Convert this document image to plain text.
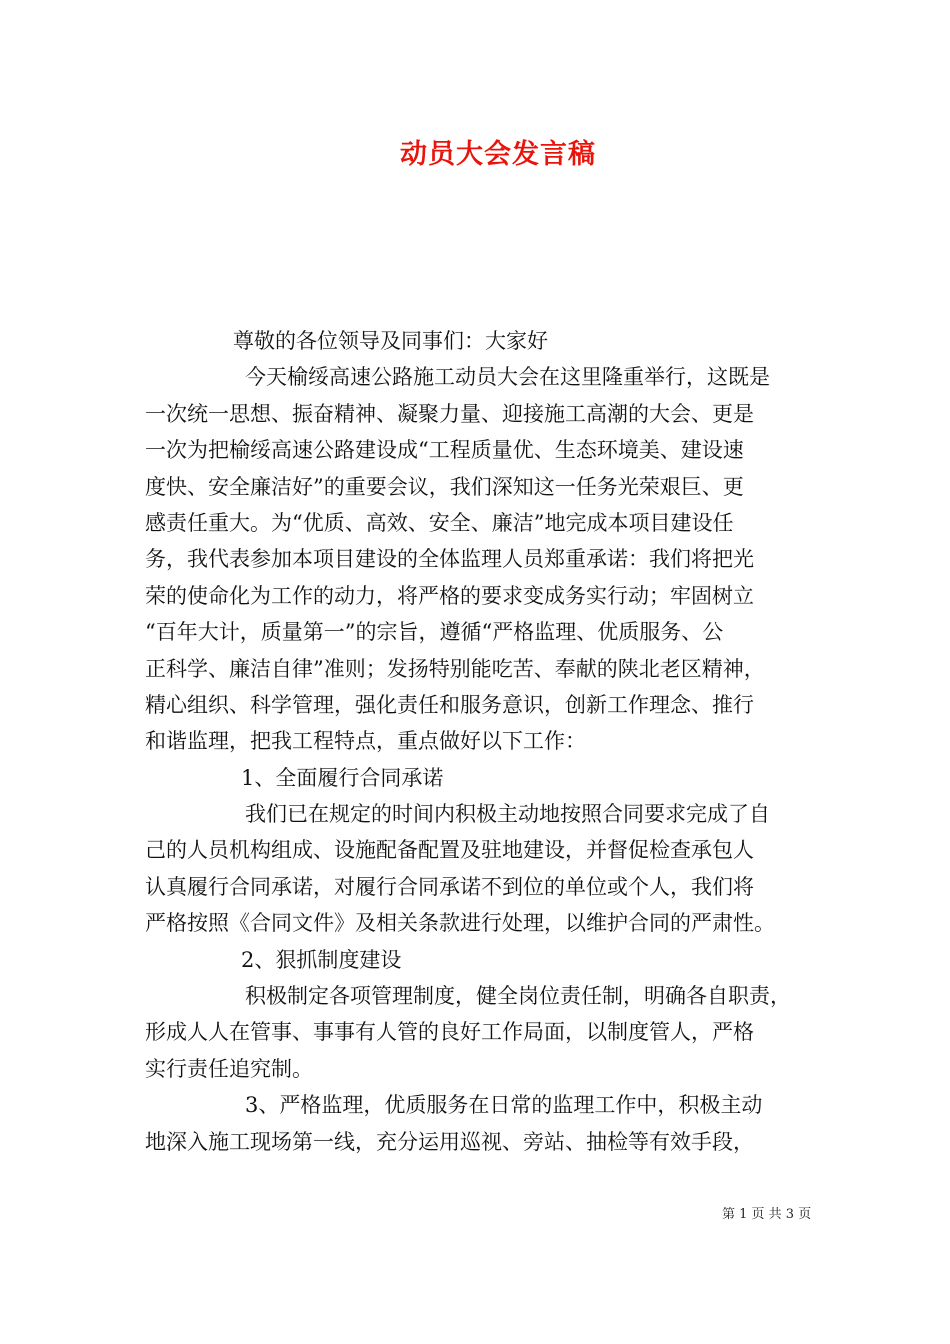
动员大会发言稿
尊敬的各位领导及同事们：大家好
今天榆绥高速公路施工动员大会在这里隆重举行，这既是
一次统一思想、振奋精神、凝聚力量、迎接施工高潮的大会、更是
一次为把榆绥高速公路建设成“工程质量优、生态环境美、建设速
度快、安全廉洁好”的重要会议，我们深知这一任务光荣艰巨、更
感责任重大。为“优质、高效、安全、廉洁”地完成本项目建设任
务，我代表参加本项目建设的全体监理人员郑重承诺：我们将把光
荣的使命化为工作的动力，将严格的要求变成务实行动；牢固树立
“百年大计，质量第一”的宗旨，遵循“严格监理、优质服务、公
正科学、廉洁自律”准则；发扬特别能吃苦、奉献的陕北老区精神，
精心组织、科学管理，强化责任和服务意识，创新工作理念、推行
和谐监理，把我工程特点，重点做好以下工作：
1、全面履行合同承诺
我们已在规定的时间内积极主动地按照合同要求完成了自
己的人员机构组成、设施配备配置及驻地建设，并督促检查承包人
认真履行合同承诺，对履行合同承诺不到位的单位或个人，我们将
严格按照《合同文件》及相关条款进行处理，以维护合同的严肃性。
2、狠抓制度建设
积极制定各项管理制度，健全岗位责任制，明确各自职责，
形成人人在管事、事事有人管的良好工作局面，以制度管人，严格
实行责任追究制。
3、严格监理，优质服务在日常的监理工作中，积极主动
地深入施工现场第一线，充分运用巡视、旁站、抽检等有效手段，
第 1 页 共 3 页
